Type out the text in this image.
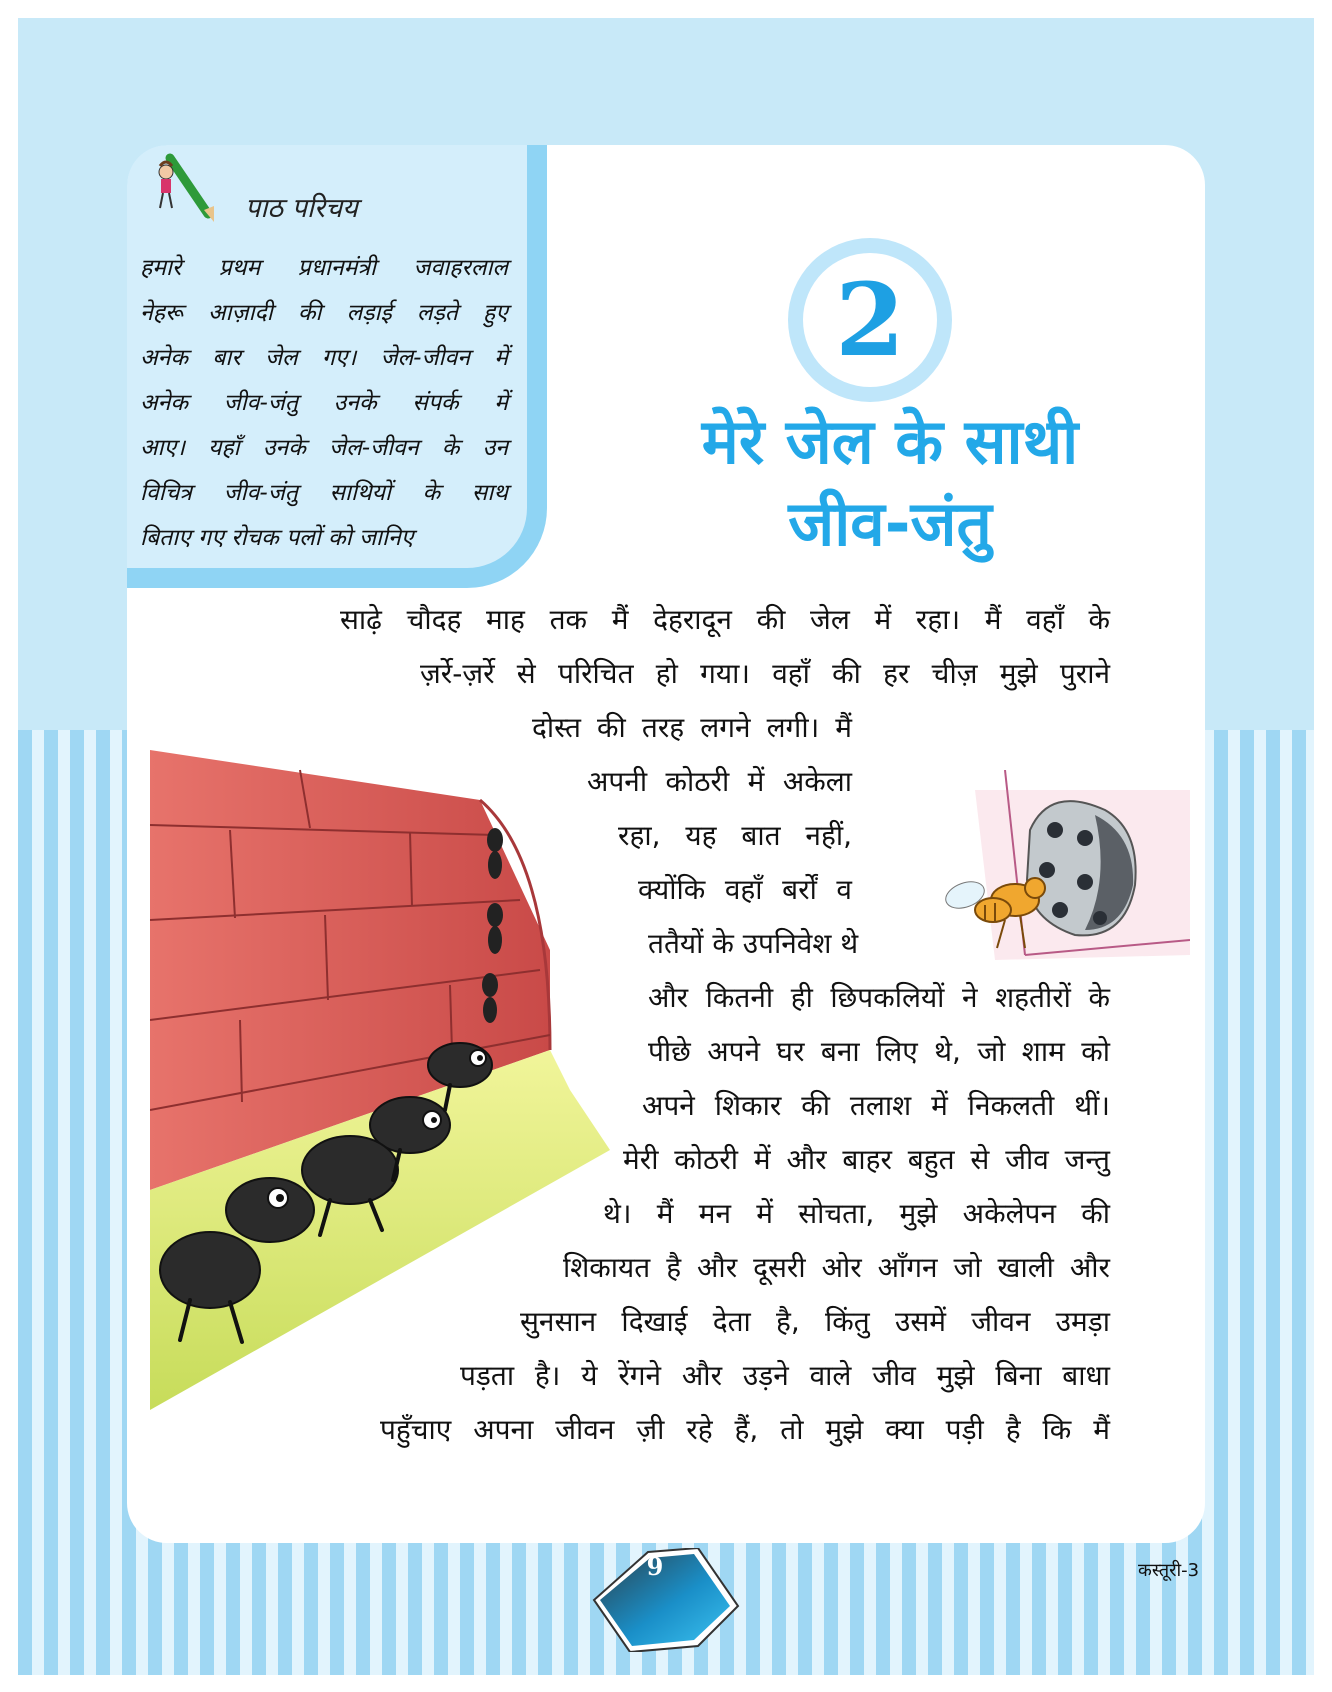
पाठ परिचय
हमारे प्रथम प्रधानमंत्री जवाहरलाल
नेहरू आज़ादी की लड़ाई लड़ते हुए
अनेक बार जेल गए। जेल-जीवन में
अनेक जीव-जंतु उनके संपर्क में
आए। यहाँ उनके जेल-जीवन के उन
विचित्र जीव-जंतु साथियों के साथ
बिताए गए रोचक पलों को जानिए
2
मेरे जेल के साथी
जीव-जंतु
साढ़े चौदह माह तक मैं देहरादून की जेल में रहा। मैं वहाँ के
ज़र्रे-ज़र्रे से परिचित हो गया। वहाँ की हर चीज़ मुझे पुराने
दोस्त की तरह लगने लगी। मैं
अपनी कोठरी में अकेला
रहा, यह बात नहीं,
क्योंकि वहाँ बर्रों व
ततैयों के उपनिवेश थे
और कितनी ही छिपकलियों ने शहतीरों के
पीछे अपने घर बना लिए थे, जो शाम को
अपने शिकार की तलाश में निकलती थीं।
मेरी कोठरी में और बाहर बहुत से जीव जन्तु
थे। मैं मन में सोचता, मुझे अकेलेपन की
शिकायत है और दूसरी ओर आँगन जो खाली और
सुनसान दिखाई देता है, किंतु उसमें जीवन उमड़ा
पड़ता है। ये रेंगने और उड़ने वाले जीव मुझे बिना बाधा
पहुँचाए अपना जीवन ज़ी रहे हैं, तो मुझे क्या पड़ी है कि मैं
9	कस्तूरी-3
